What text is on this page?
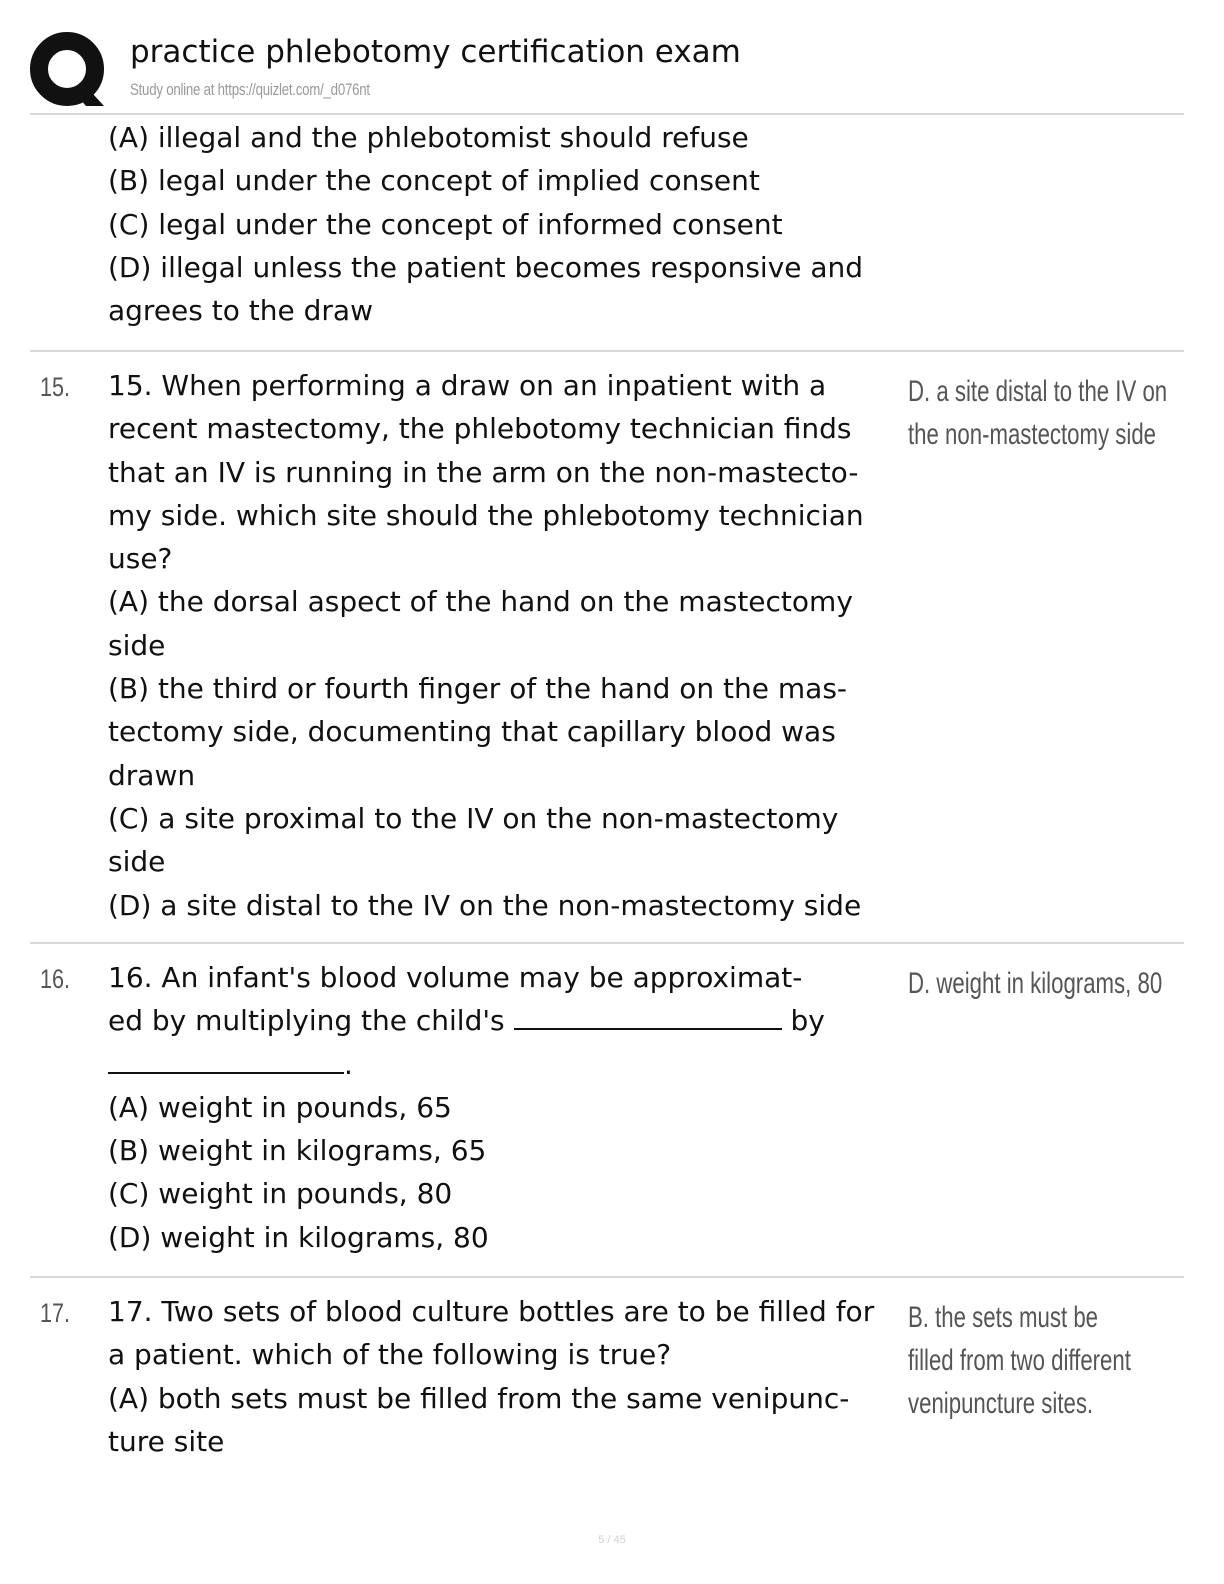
practice phlebotomy certification exam
Study online at https://quizlet.com/_d076nt
(A) illegal and the phlebotomist should refuse
(B) legal under the concept of implied consent
(C) legal under the concept of informed consent
(D) illegal unless the patient becomes responsive and
agrees to the draw
15. 15. When performing a draw on an inpatient with a
recent mastectomy, the phlebotomy technician finds
that an IV is running in the arm on the non-mastecto-
my side. which site should the phlebotomy technician
use?
(A) the dorsal aspect of the hand on the mastectomy
side
(B) the third or fourth finger of the hand on the mas-
tectomy side, documenting that capillary blood was
drawn
(C) a site proximal to the IV on the non-mastectomy
side
(D) a site distal to the IV on the non-mastectomy side
D. a site distal to the IV on
the non-mastectomy side
16. 16. An infant's blood volume may be approximat-
ed by multiplying the child's	by
.
(A) weight in pounds, 65
(B) weight in kilograms, 65
(C) weight in pounds, 80
(D) weight in kilograms, 80
D. weight in kilograms, 80
17. 17. Two sets of blood culture bottles are to be filled for
a patient. which of the following is true?
(A) both sets must be filled from the same venipunc-
ture site
B. the sets must be
filled from two different
venipuncture sites.
5 / 45
